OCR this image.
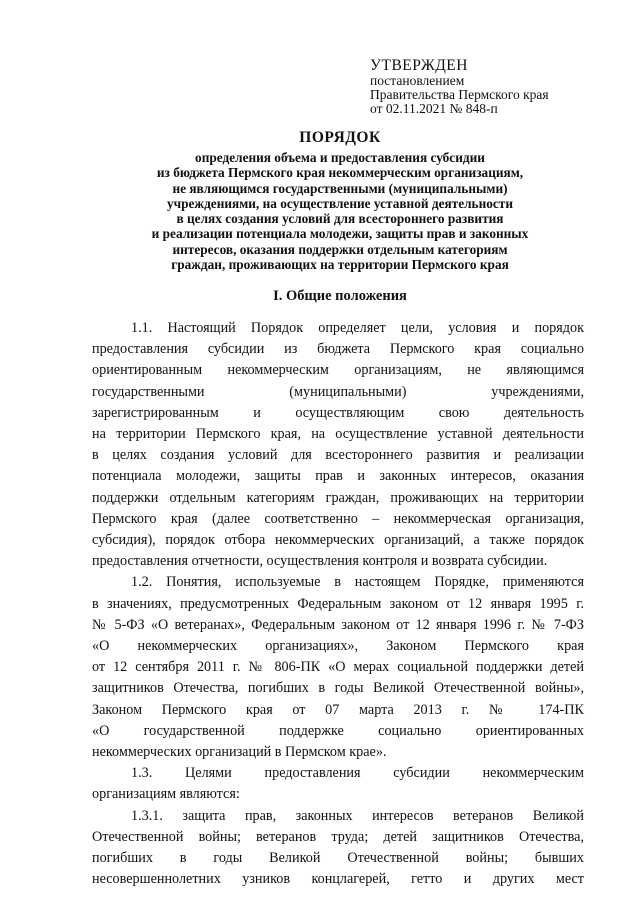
УТВЕРЖДЕН
постановлением
Правительства Пермского края
от 02.11.2021 № 848-п
ПОРЯДОК
определения объема и предоставления субсидии
из бюджета Пермского края некоммерческим организациям,
не являющимся государственными (муниципальными)
учреждениями, на осуществление уставной деятельности
в целях создания условий для всестороннего развития
и реализации потенциала молодежи, защиты прав и законных
интересов, оказания поддержки отдельным категориям
граждан, проживающих на территории Пермского края
I. Общие положения

1.1. Настоящий Порядок определяет цели, условия и порядок

предоставления субсидии из бюджета Пермского края социально

ориентированным некоммерческим организациям, не являющимся

государственными (муниципальными) учреждениями,

зарегистрированным и осуществляющим свою деятельность

на территории Пермского края, на осуществление уставной деятельности

в целях создания условий для всестороннего развития и реализации

потенциала молодежи, защиты прав и законных интересов, оказания

поддержки отдельным категориям граждан, проживающих на территории

Пермского края (далее соответственно – некоммерческая организация,

субсидия), порядок отбора некоммерческих организаций, а также порядок

предоставления отчетности, осуществления контроля и возврата субсидии.

1.2. Понятия, используемые в настоящем Порядке, применяются

в значениях, предусмотренных Федеральным законом от 12 января 1995 г.

№ 5-ФЗ «О ветеранах», Федеральным законом от 12 января 1996 г. № 7-ФЗ

«О некоммерческих организациях», Законом Пермского края

от 12 сентября 2011 г. № 806-ПК «О мерах социальной поддержки детей

защитников Отечества, погибших в годы Великой Отечественной войны»,

Законом Пермского края от 07 марта 2013 г. № 174-ПК

«О государственной поддержке социально ориентированных

некоммерческих организаций в Пермском крае».

1.3. Целями предоставления субсидии некоммерческим

организациям являются:

1.3.1. защита прав, законных интересов ветеранов Великой

Отечественной войны; ветеранов труда; детей защитников Отечества,

погибших в годы Великой Отечественной войны; бывших

несовершеннолетних узников концлагерей, гетто и других мест
